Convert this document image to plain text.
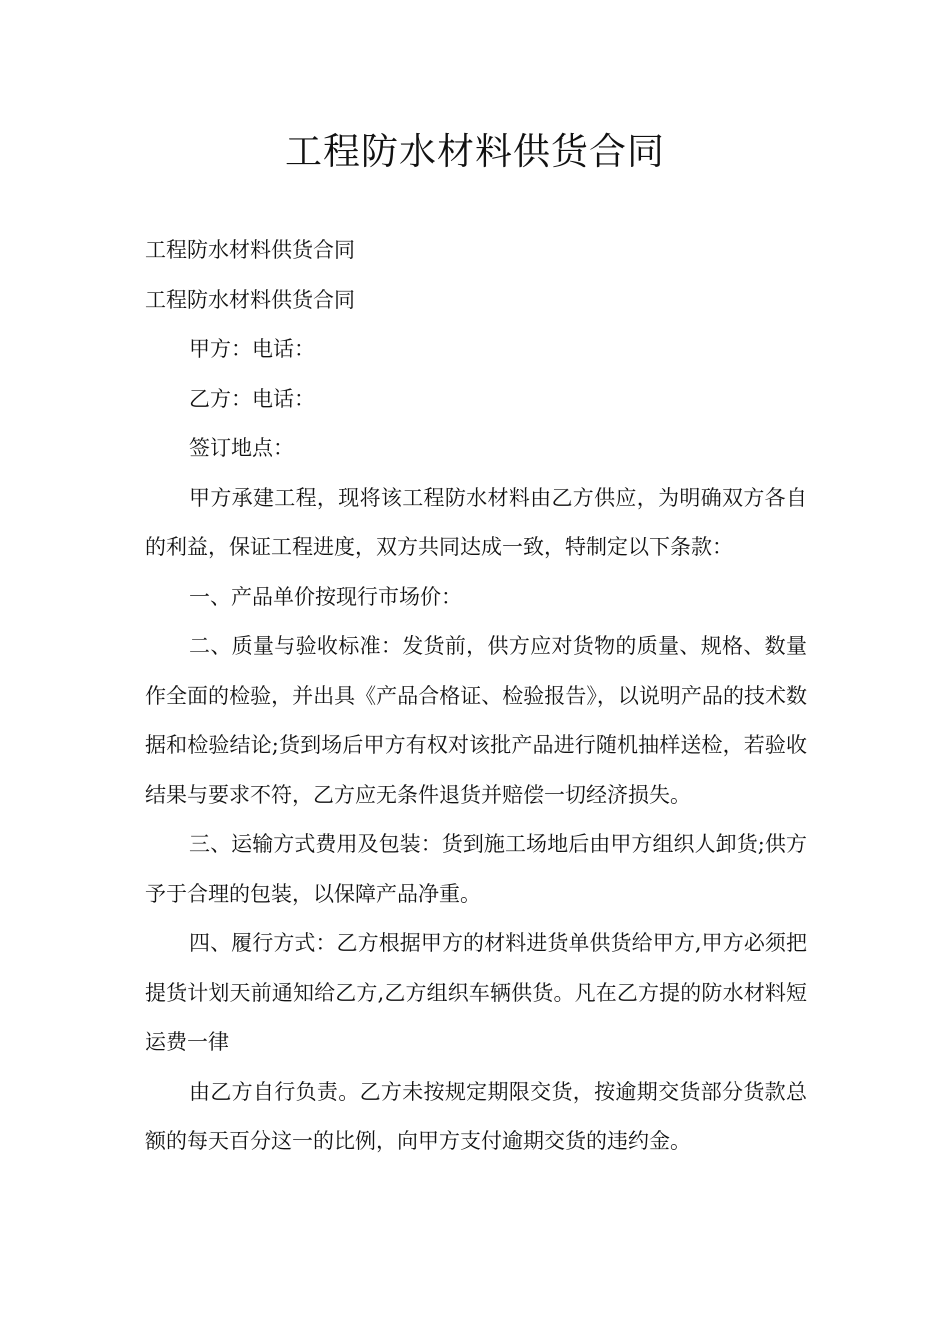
工程防水材料供货合同

工程防水材料供货合同

工程防水材料供货合同

甲方：电话：

乙方：电话：

签订地点：

甲方承建工程，现将该工程防水材料由乙方供应，为明确双方各自的利益，保证工程进度，双方共同达成一致，特制定以下条款：

一、产品单价按现行市场价：

二、质量与验收标准：发货前，供方应对货物的质量、规格、数量作全面的检验，并出具《产品合格证、检验报告》，以说明产品的技术数据和检验结论;货到场后甲方有权对该批产品进行随机抽样送检，若验收结果与要求不符，乙方应无条件退货并赔偿一切经济损失。

三、运输方式费用及包装：货到施工场地后由甲方组织人卸货;供方予于合理的包装，以保障产品净重。

四、履行方式：乙方根据甲方的材料进货单供货给甲方,甲方必须把提货计划天前通知给乙方,乙方组织车辆供货。凡在乙方提的防水材料短运费一律

由乙方自行负责。乙方未按规定期限交货，按逾期交货部分货款总额的每天百分这一的比例，向甲方支付逾期交货的违约金。
